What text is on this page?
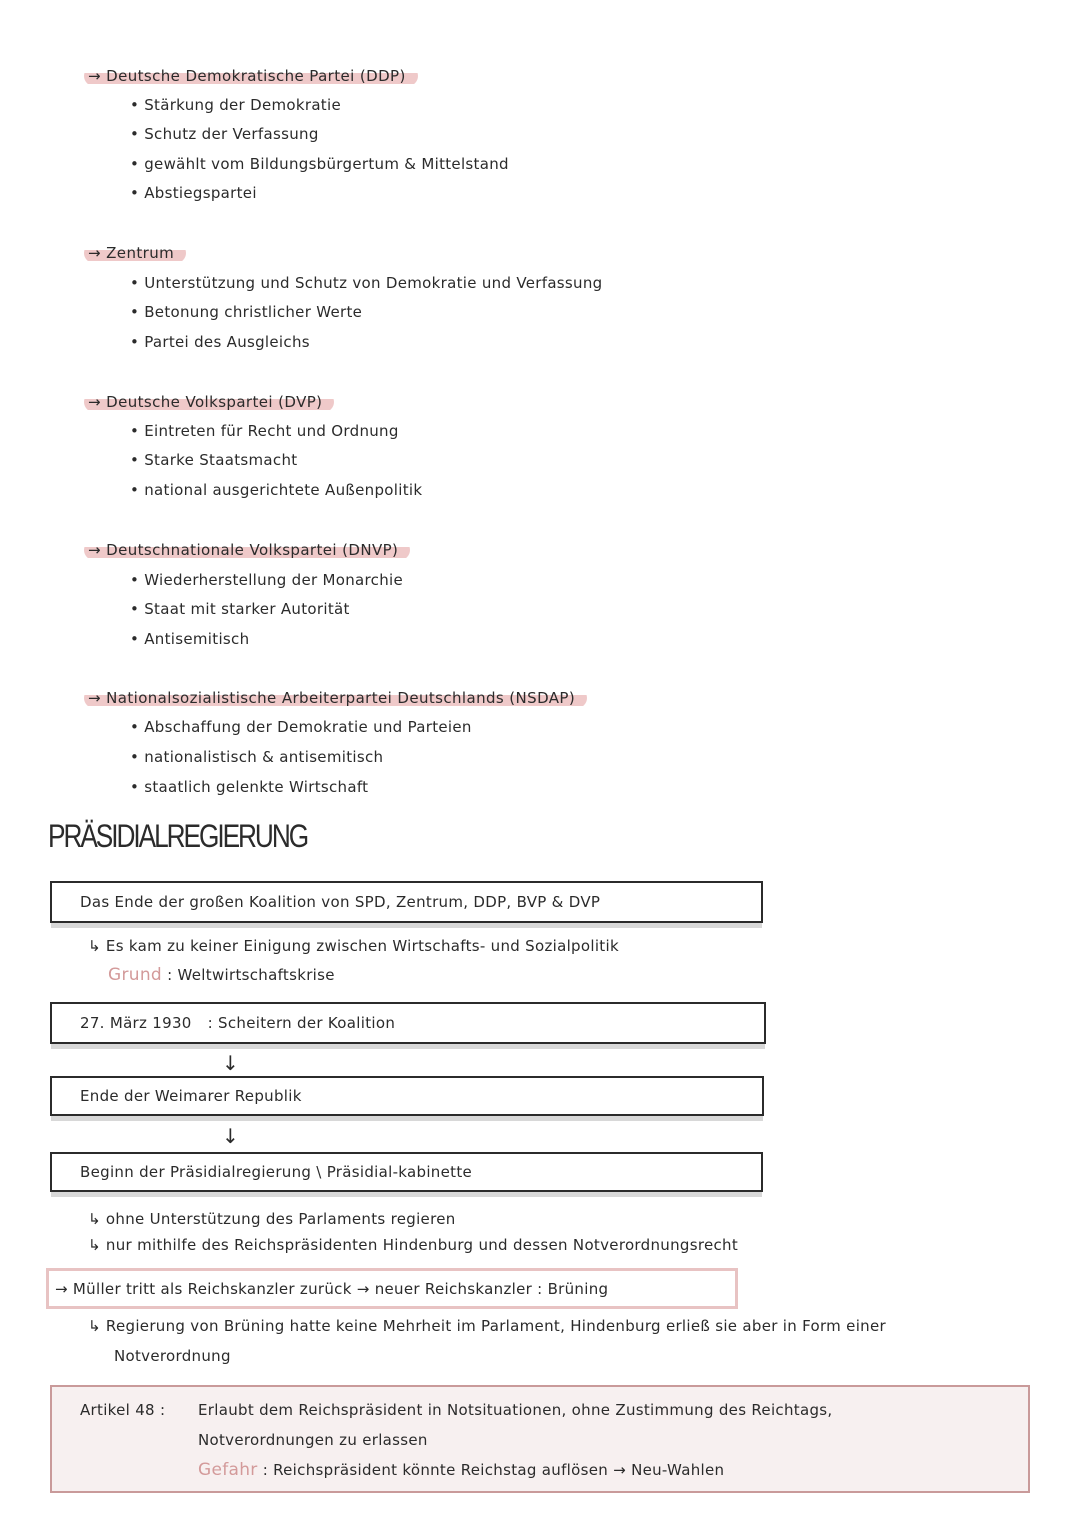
→ Deutsche Demokratische Partei (DDP)
• Stärkung der Demokratie
• Schutz der Verfassung
• gewählt vom Bildungsbürgertum & Mittelstand
• Abstiegspartei
→ Zentrum
• Unterstützung und Schutz von Demokratie und Verfassung
• Betonung christlicher Werte
• Partei des Ausgleichs
→ Deutsche Volkspartei (DVP)
• Eintreten für Recht und Ordnung
• Starke Staatsmacht
• national ausgerichtete Außenpolitik
→ Deutschnationale Volkspartei (DNVP)
• Wiederherstellung der Monarchie
• Staat mit starker Autorität
• Antisemitisch
→ Nationalsozialistische Arbeiterpartei Deutschlands (NSDAP)
• Abschaffung der Demokratie und Parteien
• nationalistisch & antisemitisch
• staatlich gelenkte Wirtschaft
PRÄSIDIALREGIERUNG
Das Ende der großen Koalition von SPD, Zentrum, DDP, BVP & DVP
↳ Es kam zu keiner Einigung zwischen Wirtschafts- und Sozialpolitik
Grund : Weltwirtschaftskrise
27. März 1930 : Scheitern der Koalition
↓
Ende der Weimarer Republik
↓
Beginn der Präsidialregierung \ Präsidial-kabinette
↳ ohne Unterstützung des Parlaments regieren
↳ nur mithilfe des Reichspräsidenten Hindenburg und dessen Notverordnungsrecht
→ Müller tritt als Reichskanzler zurück → neuer Reichskanzler : Brüning
↳ Regierung von Brüning hatte keine Mehrheit im Parlament, Hindenburg erließ sie aber in Form einer
Notverordnung
Artikel 48 : Erlaubt dem Reichspräsident in Notsituationen, ohne Zustimmung des Reichtags,
Notverordnungen zu erlassen
Gefahr : Reichspräsident könnte Reichstag auflösen → Neu-Wahlen
